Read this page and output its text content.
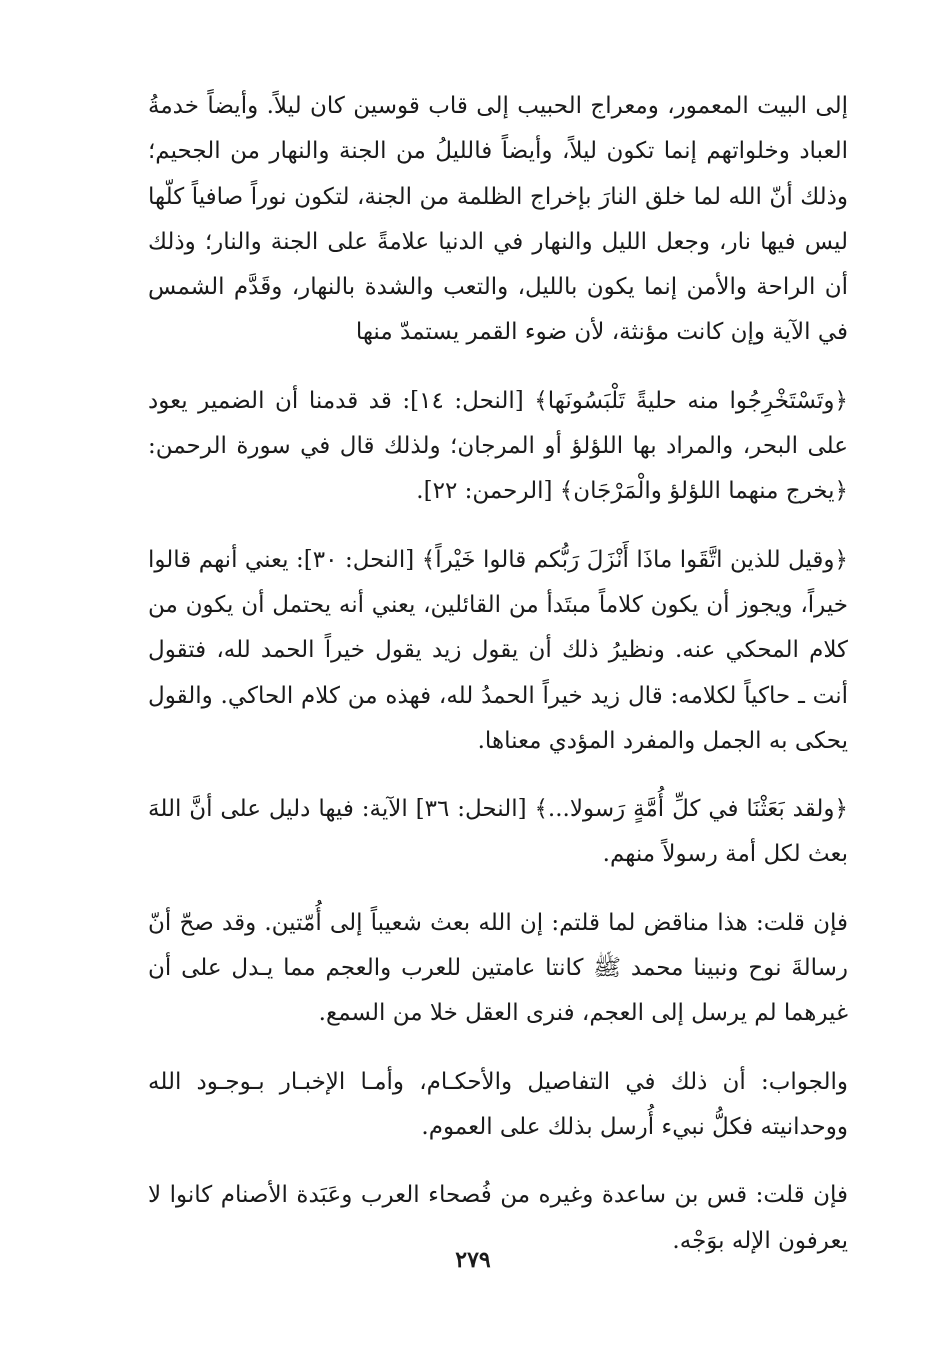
إلى البيت المعمور، ومعراج الحبيب إلى قاب قوسين كان ليلاً. وأيضاً خدمةُ العباد وخلواتهم إنما تكون ليلاً، وأيضاً فالليلُ من الجنة والنهار من الجحيم؛ وذلك أنّ الله لما خلق النارَ بإخراج الظلمة من الجنة، لتكون نوراً صافياً كلّها ليس فيها نار، وجعل الليل والنهار في الدنيا علامةً على الجنة والنار؛ وذلك أن الراحة والأمن إنما يكون بالليل، والتعب والشدة بالنهار، وقَدَّم الشمس في الآية وإن كانت مؤنثة، لأن ضوء القمر يستمدّ منها

﴿وتَسْتَخْرِجُوا منه حليةً تَلْبَسُونَها﴾ [النحل: ١٤]: قد قدمنا أن الضمير يعود على البحر، والمراد بها اللؤلؤ أو المرجان؛ ولذلك قال في سورة الرحمن: ﴿يخرج منهما اللؤلؤ والْمَرْجَان﴾ [الرحمن: ٢٢].

﴿وقيل للذين اتَّقَوا ماذَا أَنْزَلَ رَبُّكم قالوا خَيْراً﴾ [النحل: ٣٠]: يعني أنهم قالوا خيراً، ويجوز أن يكون كلاماً مبتَدأ من القائلين، يعني أنه يحتمل أن يكون من كلام المحكي عنه. ونظيرُ ذلك أن يقول زيد يقول خيراً الحمد لله، فتقول أنت ـ حاكياً لكلامه: قال زيد خيراً الحمدُ لله، فهذه من كلام الحاكي. والقول يحكى به الجمل والمفرد المؤدي معناها.

﴿ولقد بَعَثْنَا في كلِّ أُمَّةٍ رَسولا...﴾ [النحل: ٣٦] الآية: فيها دليل على أنَّ اللهَ بعث لكل أمة رسولاً منهم.

فإن قلت: هذا مناقض لما قلتم: إن الله بعث شعيباً إلى أُمّتين. وقد صحّ أنّ رسالةَ نوح ونبينا محمد ﷺ كانتا عامتين للعرب والعجم مما يـدل على أن غيرهما لم يرسل إلى العجم، فنرى العقل خلا من السمع.

والجواب: أن ذلك في التفاصيل والأحكـام، وأمـا الإخبـار بـوجـود الله ووحدانيته فكلُّ نبيء أُرسل بذلك على العموم.

فإن قلت: قس بن ساعدة وغيره من فُصحاء العرب وعَبَدة الأصنام كانوا لا يعرفون الإله بوَجْه.

٢٧٩
